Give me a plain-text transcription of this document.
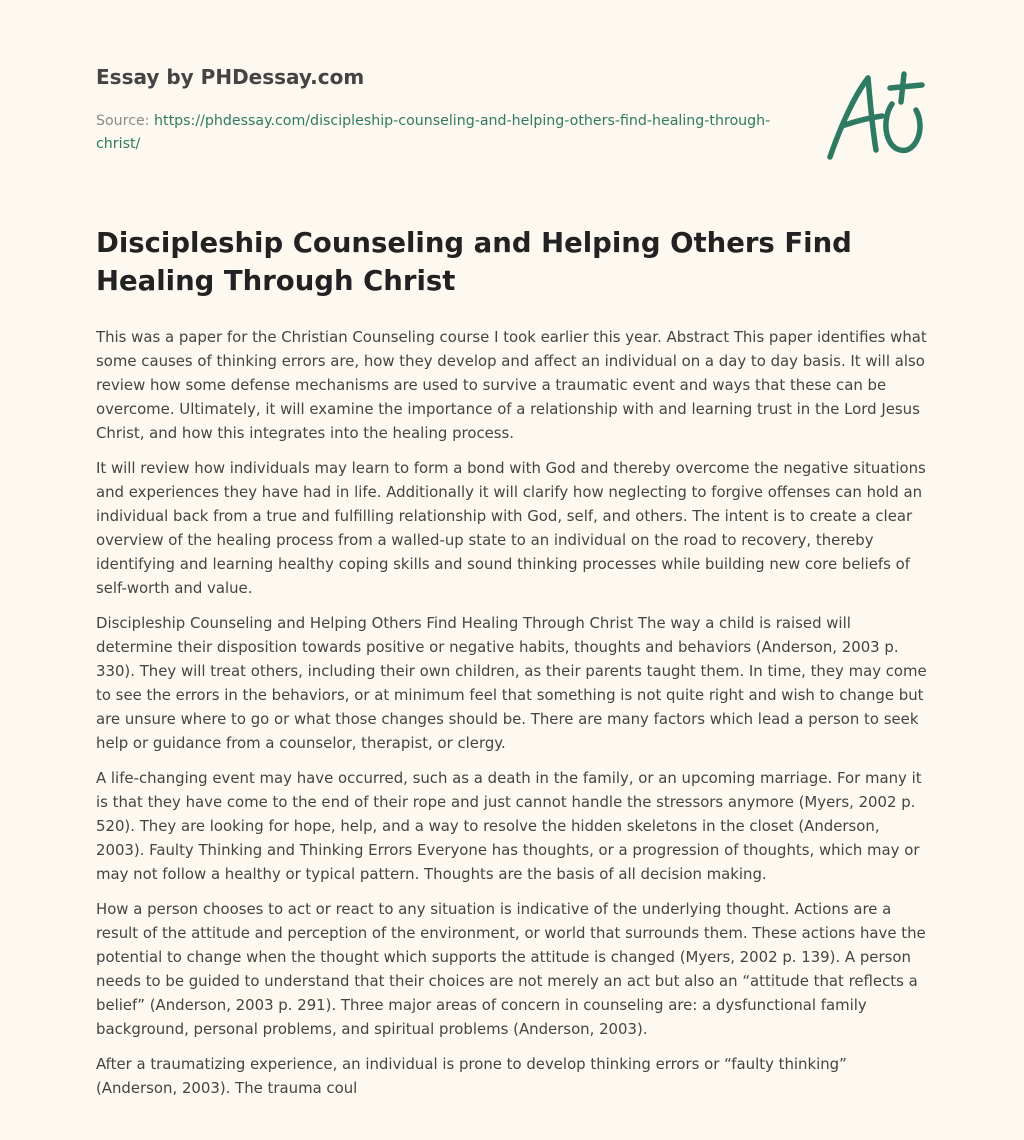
Essay by PHDessay.com
Source: https://phdessay.com/discipleship-counseling-and-helping-others-find-healing-through-christ/
Discipleship Counseling and Helping Others Find Healing Through Christ

This was a paper for the Christian Counseling course I took earlier this year. Abstract This paper identifies what some causes of thinking errors are, how they develop and affect an individual on a day to day basis. It will also review how some defense mechanisms are used to survive a traumatic event and ways that these can be overcome. Ultimately, it will examine the importance of a relationship with and learning trust in the Lord Jesus Christ, and how this integrates into the healing process.

It will review how individuals may learn to form a bond with God and thereby overcome the negative situations and experiences they have had in life. Additionally it will clarify how neglecting to forgive offenses can hold an individual back from a true and fulfilling relationship with God, self, and others. The intent is to create a clear overview of the healing process from a walled-up state to an individual on the road to recovery, thereby identifying and learning healthy coping skills and sound thinking processes while building new core beliefs of self-worth and value.

Discipleship Counseling and Helping Others Find Healing Through Christ The way a child is raised will determine their disposition towards positive or negative habits, thoughts and behaviors (Anderson, 2003 p. 330). They will treat others, including their own children, as their parents taught them. In time, they may come to see the errors in the behaviors, or at minimum feel that something is not quite right and wish to change but are unsure where to go or what those changes should be. There are many factors which lead a person to seek help or guidance from a counselor, therapist, or clergy.

A life-changing event may have occurred, such as a death in the family, or an upcoming marriage. For many it is that they have come to the end of their rope and just cannot handle the stressors anymore (Myers, 2002 p. 520). They are looking for hope, help, and a way to resolve the hidden skeletons in the closet (Anderson, 2003). Faulty Thinking and Thinking Errors Everyone has thoughts, or a progression of thoughts, which may or may not follow a healthy or typical pattern. Thoughts are the basis of all decision making.

How a person chooses to act or react to any situation is indicative of the underlying thought. Actions are a result of the attitude and perception of the environment, or world that surrounds them. These actions have the potential to change when the thought which supports the attitude is changed (Myers, 2002 p. 139). A person needs to be guided to understand that their choices are not merely an act but also an “attitude that reflects a belief” (Anderson, 2003 p. 291). Three major areas of concern in counseling are: a dysfunctional family background, personal problems, and spiritual problems (Anderson, 2003).

After a traumatizing experience, an individual is prone to develop thinking errors or “faulty thinking” (Anderson, 2003). The trauma coul
